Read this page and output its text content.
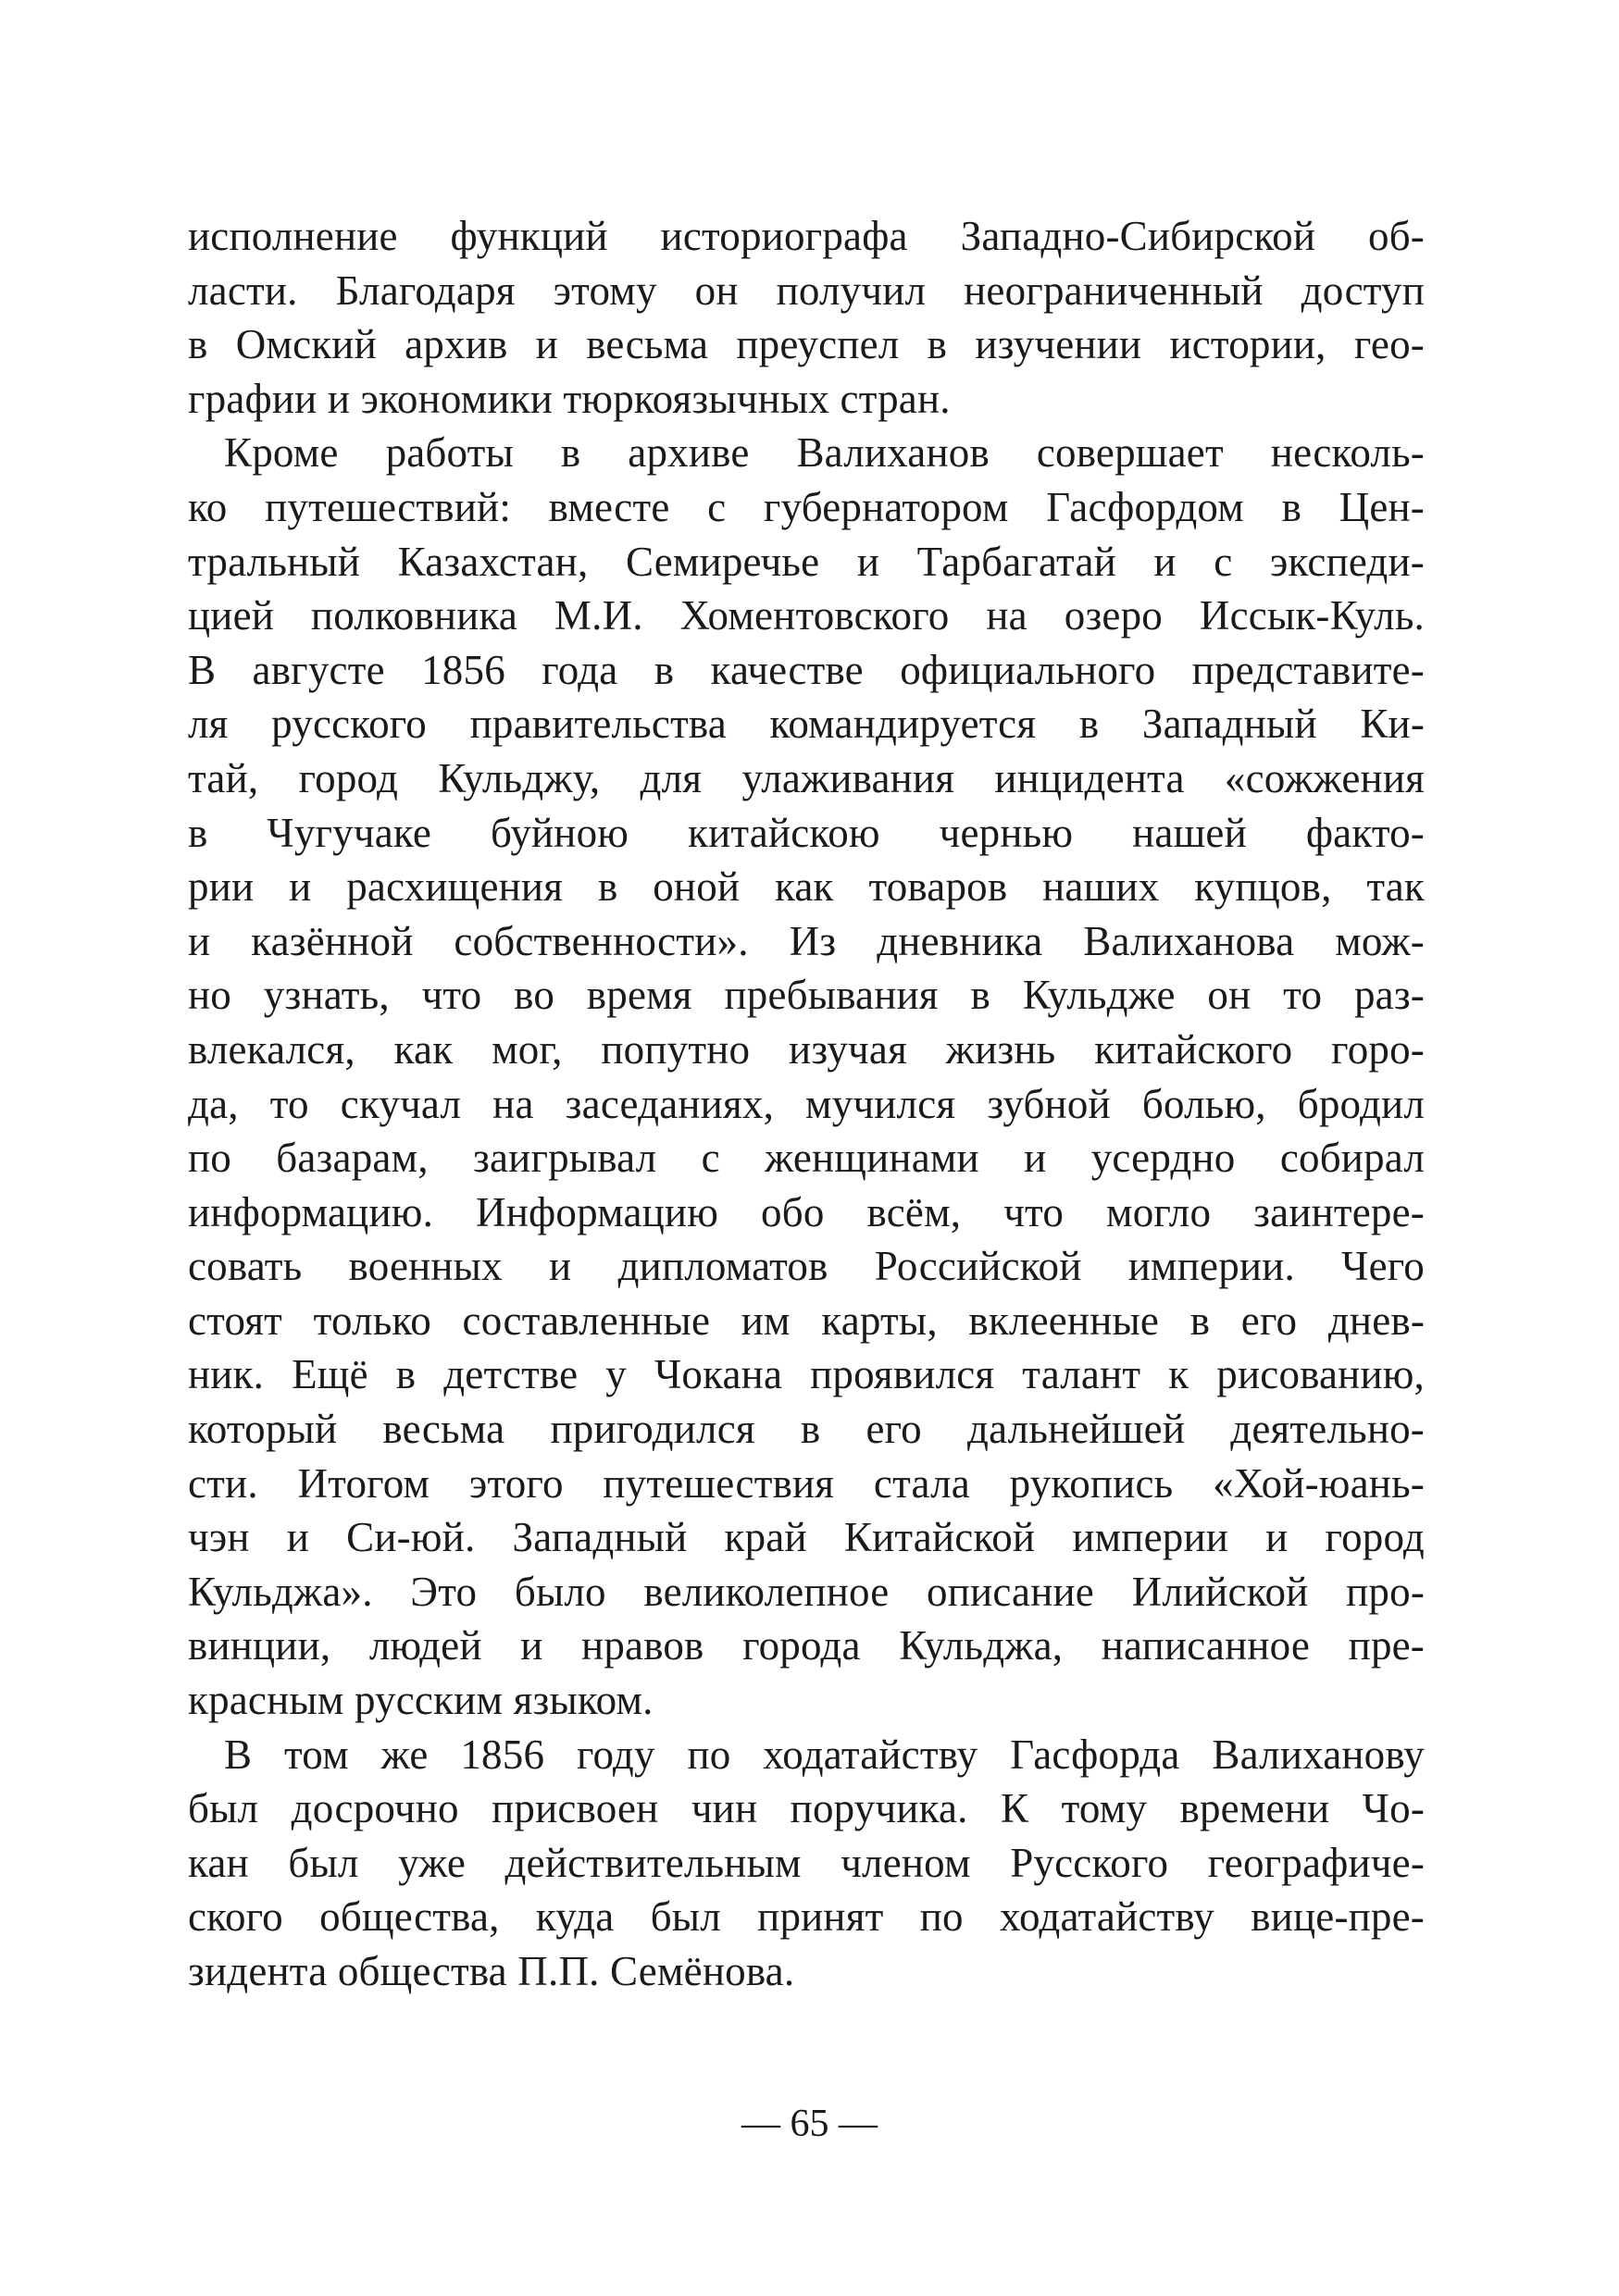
исполнение функций историографа Западно-Сибирской об-
ласти. Благодаря этому он получил неограниченный доступ
в Омский архив и весьма преуспел в изучении истории, гео-
графии и экономики тюркоязычных стран.
Кроме работы в архиве Валиханов совершает несколь-
ко путешествий: вместе с губернатором Гасфордом в Цен-
тральный Казахстан, Семиречье и Тарбагатай и с экспеди-
цией полковника М.И. Хоментовского на озеро Иссык-Куль.
В августе 1856 года в качестве официального представите-
ля русского правительства командируется в Западный Ки-
тай, город Кульджу, для улаживания инцидента «сожжения
в Чугучаке буйною китайскою чернью нашей факто-
рии и расхищения в оной как товаров наших купцов, так
и казённой собственности». Из дневника Валиханова мож-
но узнать, что во время пребывания в Кульдже он то раз-
влекался, как мог, попутно изучая жизнь китайского горо-
да, то скучал на заседаниях, мучился зубной болью, бродил
по базарам, заигрывал с женщинами и усердно собирал
информацию. Информацию обо всём, что могло заинтере-
совать военных и дипломатов Российской империи. Чего
стоят только составленные им карты, вклеенные в его днев-
ник. Ещё в детстве у Чокана проявился талант к рисованию,
который весьма пригодился в его дальнейшей деятельно-
сти. Итогом этого путешествия стала рукопись «Хой-юань-
чэн и Си-юй. Западный край Китайской империи и город
Кульджа». Это было великолепное описание Илийской про-
винции, людей и нравов города Кульджа, написанное пре-
красным русским языком.
В том же 1856 году по ходатайству Гасфорда Валиханову
был досрочно присвоен чин поручика. К тому времени Чо-
кан был уже действительным членом Русского географиче-
ского общества, куда был принят по ходатайству вице-пре-
зидента общества П.П. Семёнова.
— 65 —
